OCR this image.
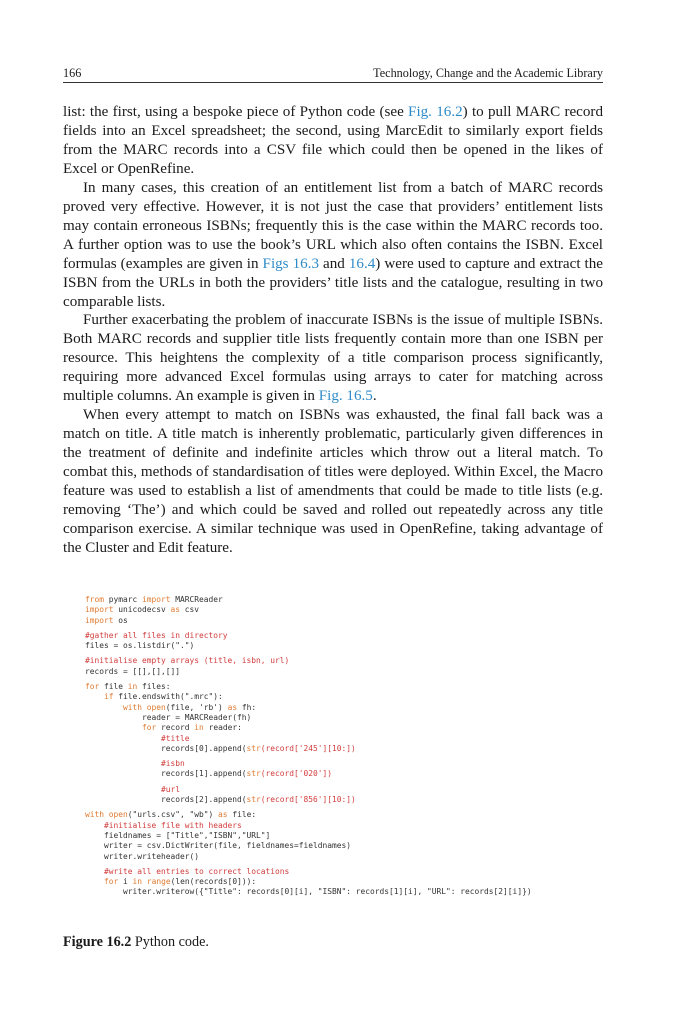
166	Technology, Change and the Academic Library

list: the first, using a bespoke piece of Python code (see Fig. 16.2) to pull MARC record fields into an Excel spreadsheet; the second, using MarcEdit to similarly export fields from the MARC records into a CSV file which could then be opened in the likes of Excel or OpenRefine.

In many cases, this creation of an entitlement list from a batch of MARC records proved very effective. However, it is not just the case that providers’ entitlement lists may contain erroneous ISBNs; frequently this is the case within the MARC records too. A further option was to use the book’s URL which also often contains the ISBN. Excel formulas (examples are given in Figs 16.3 and 16.4) were used to capture and extract the ISBN from the URLs in both the providers’ title lists and the catalogue, resulting in two comparable lists.

Further exacerbating the problem of inaccurate ISBNs is the issue of multiple ISBNs. Both MARC records and supplier title lists frequently contain more than one ISBN per resource. This heightens the complexity of a title comparison process significantly, requiring more advanced Excel formulas using arrays to cater for matching across multiple columns. An example is given in Fig. 16.5.

When every attempt to match on ISBNs was exhausted, the final fall back was a match on title. A title match is inherently problematic, particularly given differences in the treatment of definite and indefinite articles which throw out a literal match. To combat this, methods of standardisation of titles were deployed. Within Excel, the Macro feature was used to establish a list of amendments that could be made to title lists (e.g. removing ‘The’) and which could be saved and rolled out repeatedly across any title comparison exercise. A similar technique was used in OpenRefine, taking advantage of the Cluster and Edit feature.

from pymarc import MARCReader
import unicodecsv as csv
import os
#gather all files in directory
files = os.listdir(".")
#initialise empty arrays (title, isbn, url)
records = [[],[],[]]
for file in files:
if file.endswith(".mrc"):
with open(file, 'rb') as fh:
reader = MARCReader(fh)
for record in reader:
#title
records[0].append(str(record['245'][10:])
#isbn
records[1].append(str(record['020'])
#url
records[2].append(str(record['856'][10:])
with open("urls.csv", "wb") as file:
#initialise file with headers
fieldnames = ["Title","ISBN","URL"]
writer = csv.DictWriter(file, fieldnames=fieldnames)
writer.writeheader()
#write all entries to correct locations
for i in range(len(records[0])):
writer.writerow({"Title": records[0][i], "ISBN": records[1][i], "URL": records[2][i]})
Figure 16.2 Python code.
